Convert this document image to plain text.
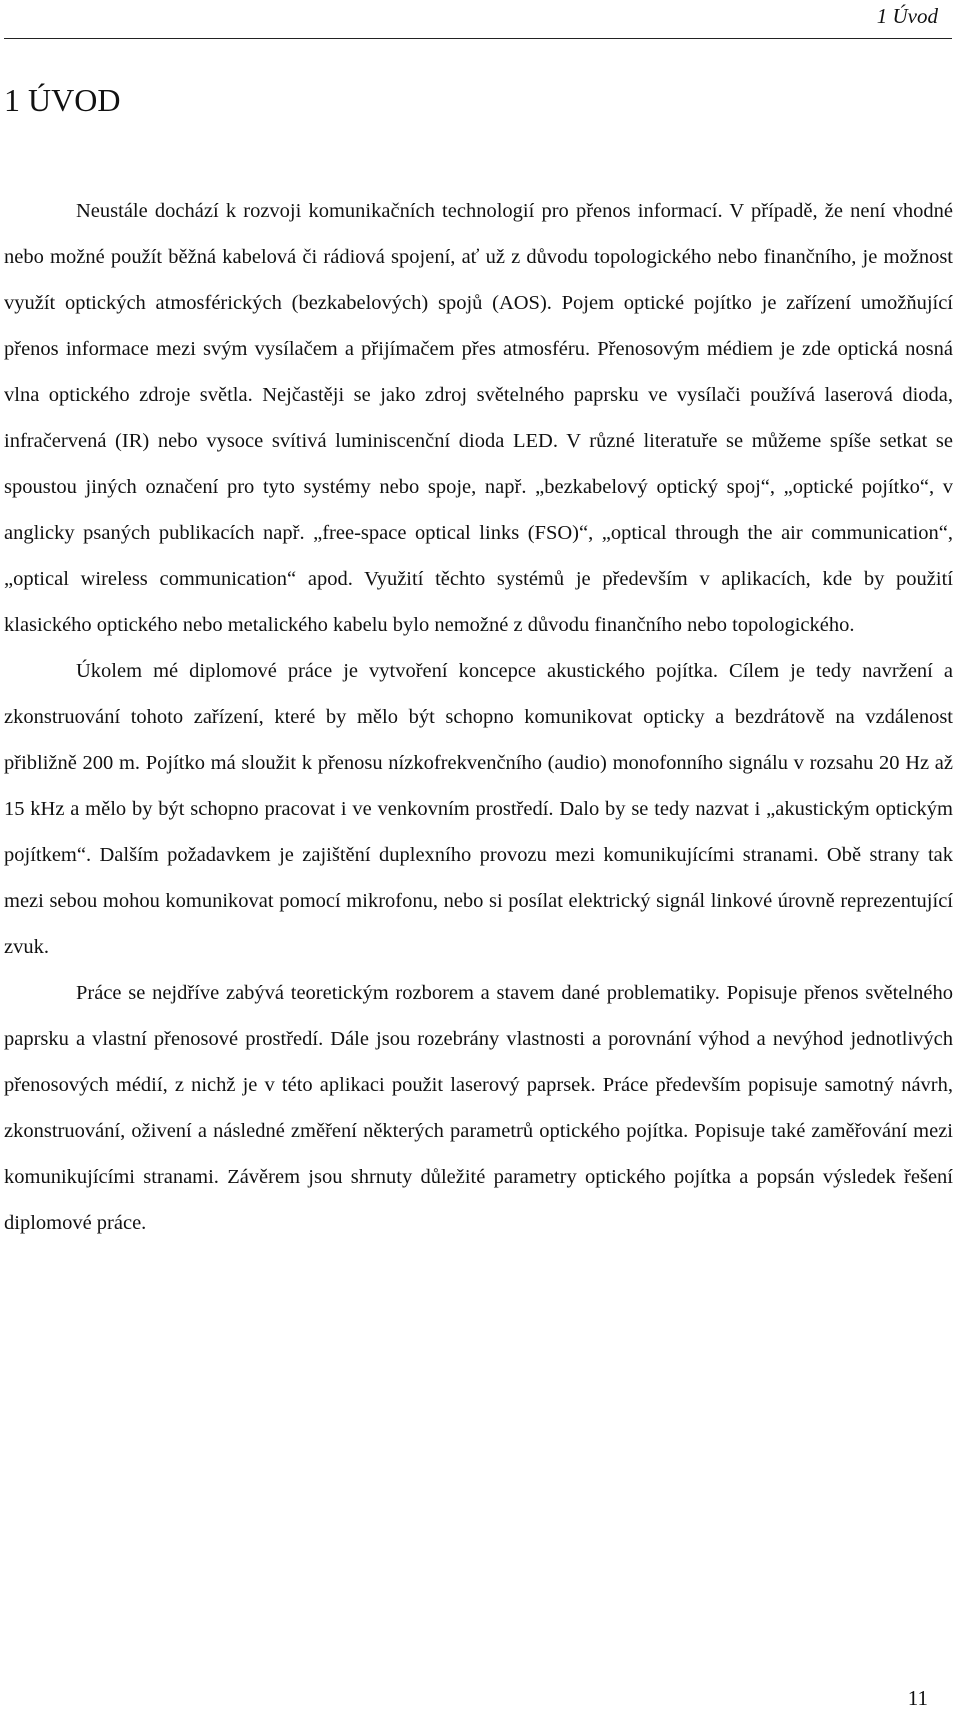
1 Úvod
1 ÚVOD

Neustále dochází k rozvoji komunikačních technologií pro přenos informací. V případě, že není vhodné nebo možné použít běžná kabelová či rádiová spojení, ať už z důvodu topologického nebo finančního, je možnost využít optických atmosférických (bezkabelových) spojů (AOS). Pojem optické pojítko je zařízení umožňující přenos informace mezi svým vysílačem a přijímačem přes atmosféru. Přenosovým médiem je zde optická nosná vlna optického zdroje světla. Nejčastěji se jako zdroj světelného paprsku ve vysílači používá laserová dioda, infračervená (IR) nebo vysoce svítivá luminiscenční dioda LED. V různé literatuře se můžeme spíše setkat se spoustou jiných označení pro tyto systémy nebo spoje, např. „bezkabelový optický spoj“, „optické pojítko“, v anglicky psaných publikacích např. „free-space optical links (FSO)“, „optical through the air communication“, „optical wireless communication“ apod. Využití těchto systémů je především v aplikacích, kde by použití klasického optického nebo metalického kabelu bylo nemožné z důvodu finančního nebo topologického.

Úkolem mé diplomové práce je vytvoření koncepce akustického pojítka. Cílem je tedy navržení a zkonstruování tohoto zařízení, které by mělo být schopno komunikovat opticky a bezdrátově na vzdálenost přibližně 200 m. Pojítko má sloužit k přenosu nízkofrekvenčního (audio) monofonního signálu v rozsahu 20 Hz až 15 kHz a mělo by být schopno pracovat i ve venkovním prostředí. Dalo by se tedy nazvat i „akustickým optickým pojítkem“. Dalším požadavkem je zajištění duplexního provozu mezi komunikujícími stranami. Obě strany tak mezi sebou mohou komunikovat pomocí mikrofonu, nebo si posílat elektrický signál linkové úrovně reprezentující zvuk.

Práce se nejdříve zabývá teoretickým rozborem a stavem dané problematiky. Popisuje přenos světelného paprsku a vlastní přenosové prostředí. Dále jsou rozebrány vlastnosti a porovnání výhod a nevýhod jednotlivých přenosových médií, z nichž je v této aplikaci použit laserový paprsek. Práce především popisuje samotný návrh, zkonstruování, oživení a následné změření některých parametrů optického pojítka. Popisuje také zaměřování mezi komunikujícími stranami. Závěrem jsou shrnuty důležité parametry optického pojítka a popsán výsledek řešení diplomové práce.

11
